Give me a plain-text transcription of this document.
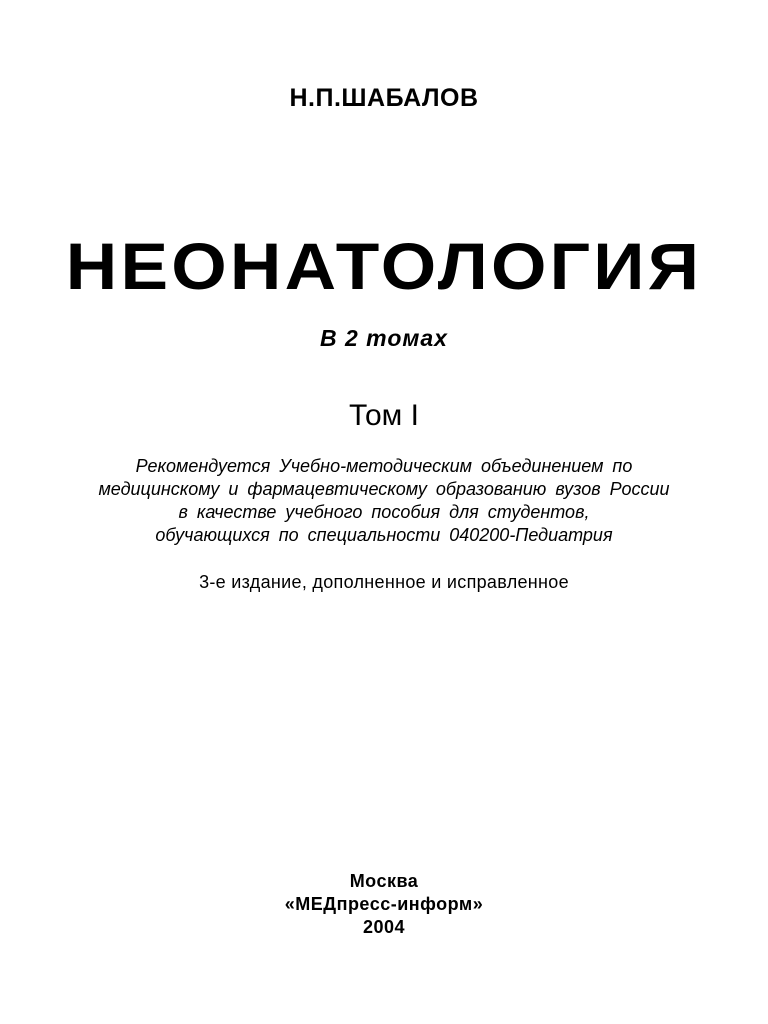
Н.П.ШАБАЛОВ
НЕОНАТОЛОГИЯ
В 2 томах
Том I
Рекомендуется Учебно-методическим объединением по
медицинскому и фармацевтическому образованию вузов России
в качестве учебного пособия для студентов,
обучающихся по специальности 040200-Педиатрия
3-е издание, дополненное и исправленное
Москва
«МЕДпресс-информ»
2004
